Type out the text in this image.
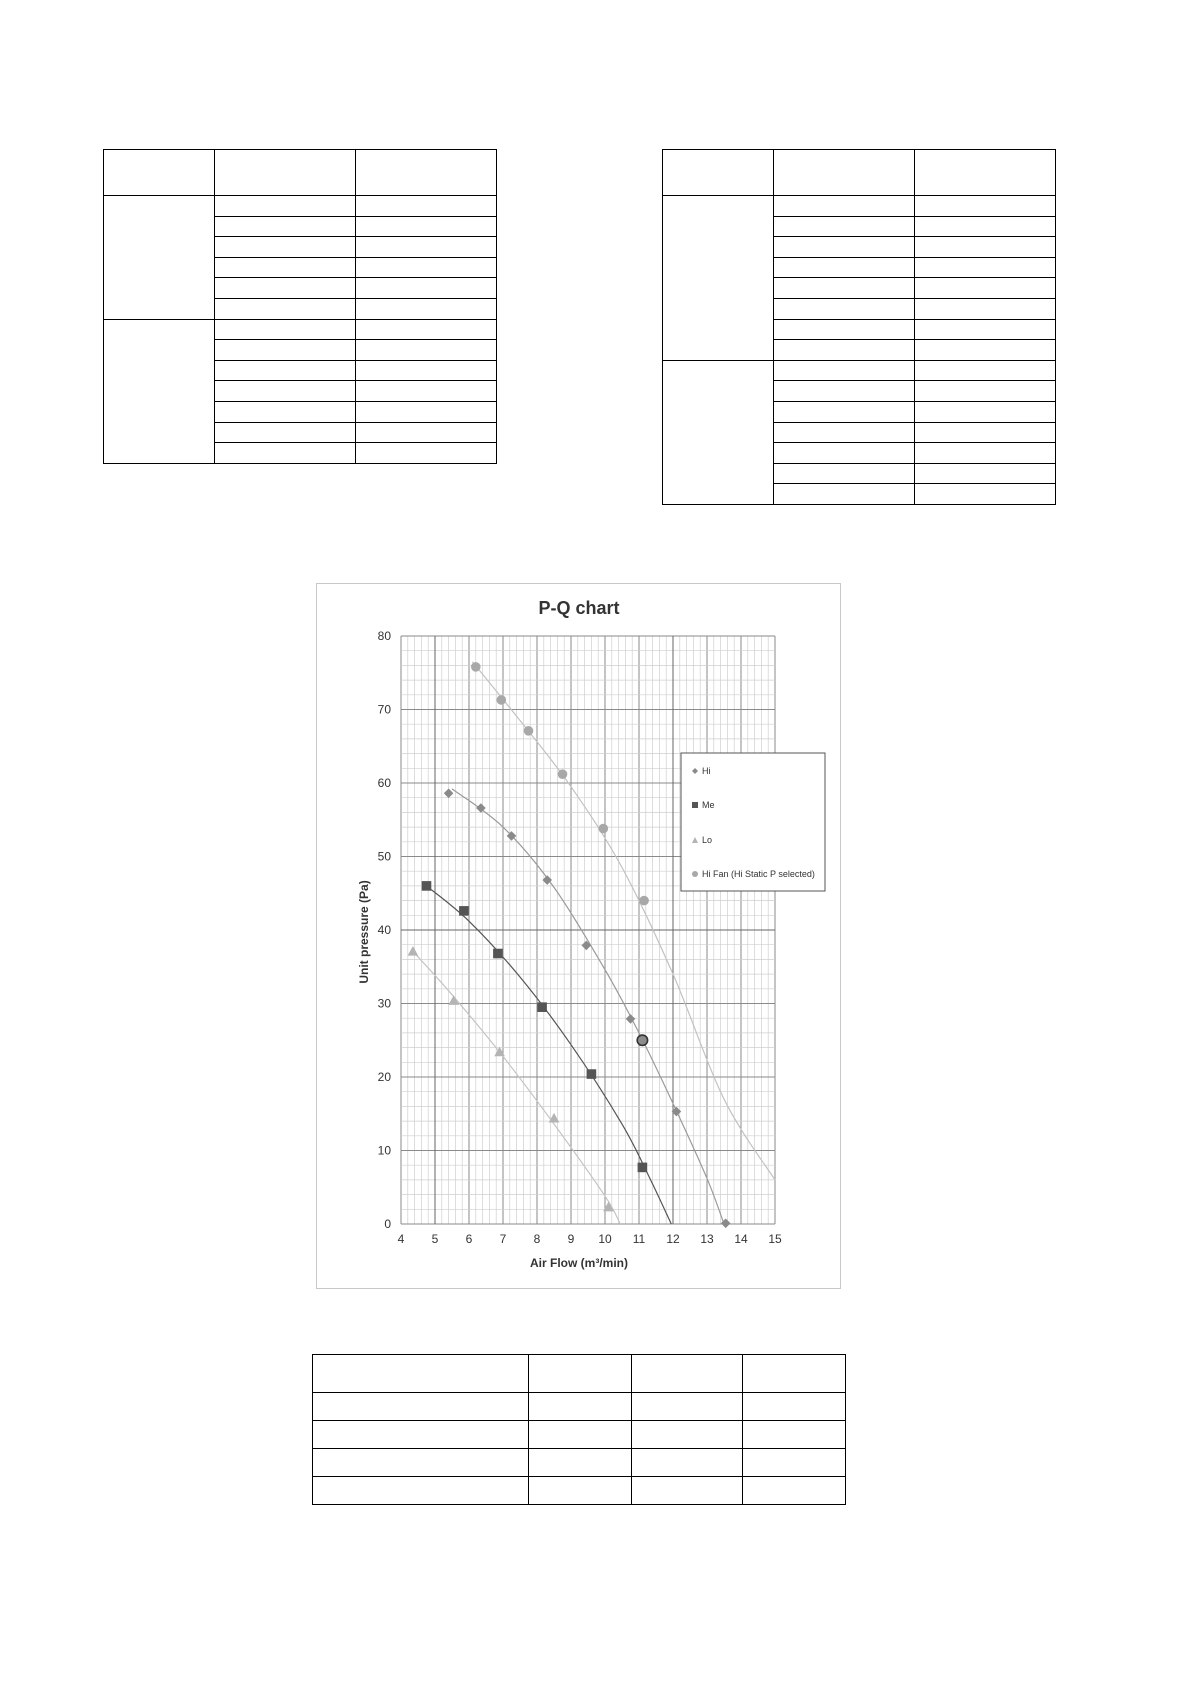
P-Q chart
0
10
20
30
40
50
60
70
80
4 5 6 7 8 9 10 11 12 13 14 15
Air Flow (m³/min)
Unit pressure (Pa)
Hi
Me
Lo
Hi Fan (Hi Static P selected)
